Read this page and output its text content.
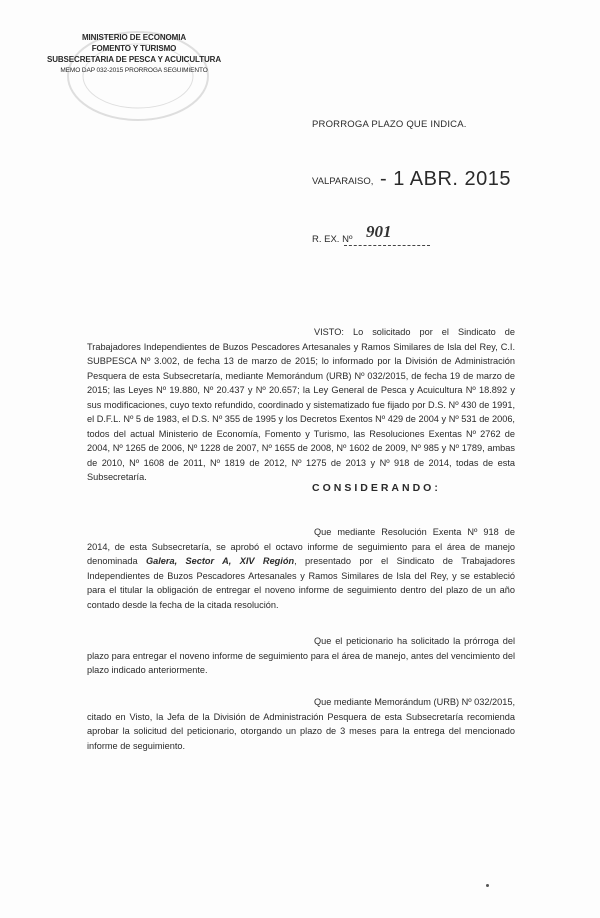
MINISTERIO DE ECONOMIA
FOMENTO Y TURISMO
SUBSECRETARIA DE PESCA Y ACUICULTURA
MEMO DAP 032-2015 PRORROGA SEGUIMIENTO
PRORROGA PLAZO QUE INDICA.
VALPARAISO, - 1 ABR. 2015
R. EX. Nº 901

VISTO: Lo solicitado por el Sindicato de Trabajadores Independientes de Buzos Pescadores Artesanales y Ramos Similares de Isla del Rey, C.I. SUBPESCA Nº 3.002, de fecha 13 de marzo de 2015; lo informado por la División de Administración Pesquera de esta Subsecretaría, mediante Memorándum (URB) Nº 032/2015, de fecha 19 de marzo de 2015; las Leyes Nº 19.880, Nº 20.437 y Nº 20.657; la Ley General de Pesca y Acuicultura Nº 18.892 y sus modificaciones, cuyo texto refundido, coordinado y sistematizado fue fijado por D.S. Nº 430 de 1991, el D.F.L. Nº 5 de 1983, el D.S. Nº 355 de 1995 y los Decretos Exentos Nº 429 de 2004 y Nº 531 de 2006, todos del actual Ministerio de Economía, Fomento y Turismo, las Resoluciones Exentas Nº 2762 de 2004, Nº 1265 de 2006, Nº 1228 de 2007, Nº 1655 de 2008, Nº 1602 de 2009, Nº 985 y Nº 1789, ambas de 2010, Nº 1608 de 2011, Nº 1819 de 2012, Nº 1275 de 2013 y Nº 918 de 2014, todas de esta Subsecretaría.

CONSIDERANDO:

Que mediante Resolución Exenta Nº 918 de 2014, de esta Subsecretaría, se aprobó el octavo informe de seguimiento para el área de manejo denominada Galera, Sector A, XIV Región, presentado por el Sindicato de Trabajadores Independientes de Buzos Pescadores Artesanales y Ramos Similares de Isla del Rey, y se estableció para el titular la obligación de entregar el noveno informe de seguimiento dentro del plazo de un año contado desde la fecha de la citada resolución.

Que el peticionario ha solicitado la prórroga del plazo para entregar el noveno informe de seguimiento para el área de manejo, antes del vencimiento del plazo indicado anteriormente.

Que mediante Memorándum (URB) Nº 032/2015, citado en Visto, la Jefa de la División de Administración Pesquera de esta Subsecretaría recomienda aprobar la solicitud del peticionario, otorgando un plazo de 3 meses para la entrega del mencionado informe de seguimiento.
